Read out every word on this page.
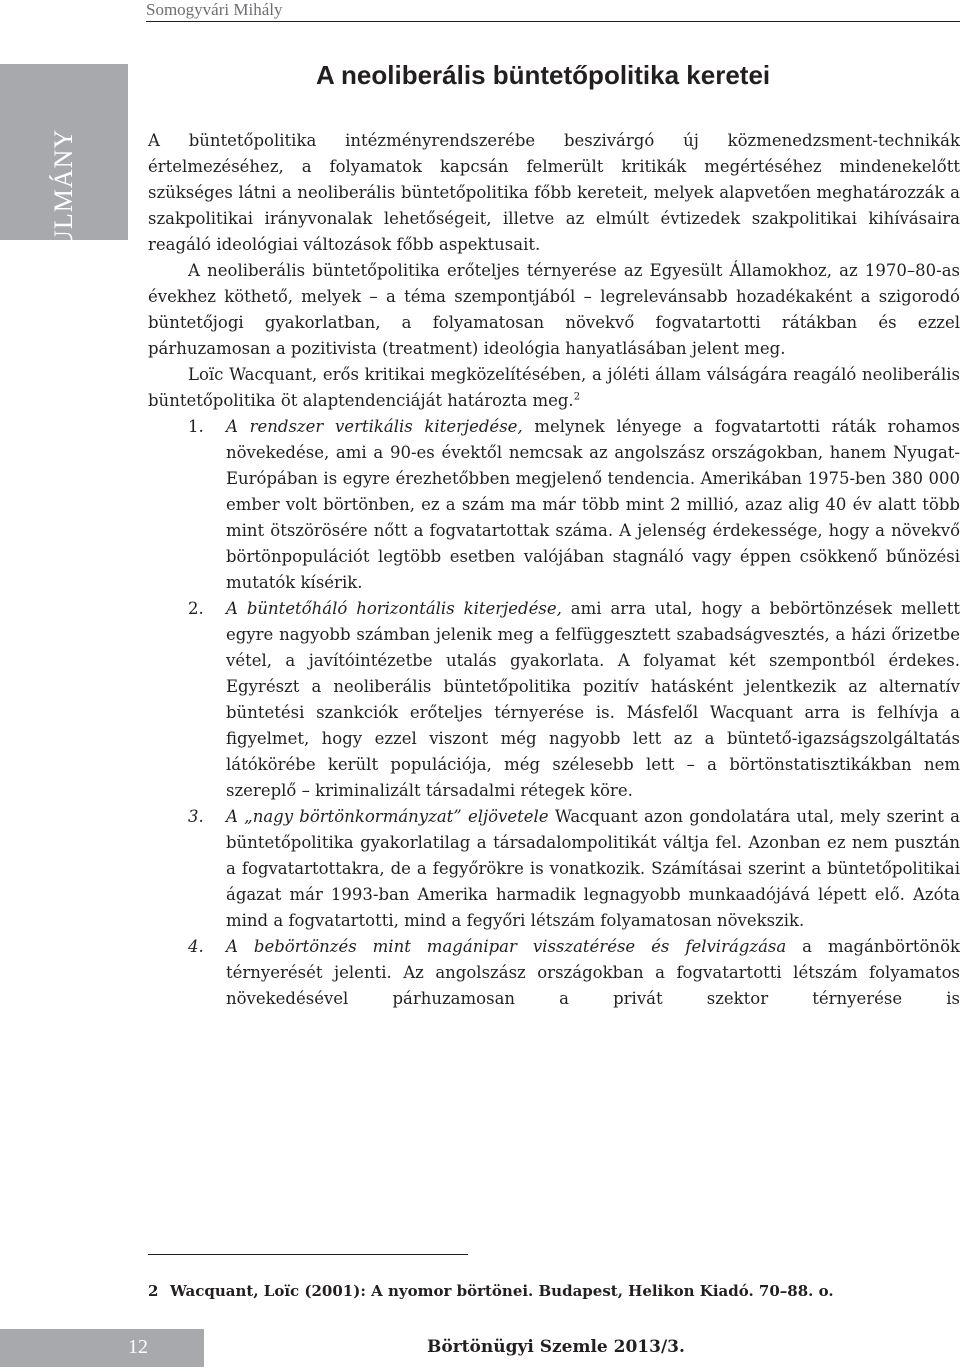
Somogyvári Mihály
TANULMÁNY
A neoliberális büntetőpolitika keretei

A büntetőpolitika intézményrendszerébe beszivárgó új közmenedzsment-technikák értelmezéséhez, a folyamatok kapcsán felmerült kritikák megértéséhez mindenekelőtt szükséges látni a neoliberális büntetőpolitika főbb kereteit, melyek alapvetően meghatározzák a szakpolitikai irányvonalak lehetőségeit, illetve az elmúlt évtizedek szakpolitikai kihívásaira reagáló ideológiai változások főbb aspektusait.

A neoliberális büntetőpolitika erőteljes térnyerése az Egyesült Államokhoz, az 1970–80-as évekhez köthető, melyek – a téma szempontjából – legrelevánsabb hozadékaként a szigorodó büntetőjogi gyakorlatban, a folyamatosan növekvő fogvatartotti rátákban és ezzel párhuzamosan a pozitivista (treatment) ideológia hanyatlásában jelent meg.

Loïc Wacquant, erős kritikai megközelítésében, a jóléti állam válságára reagáló neoliberális büntetőpolitika öt alaptendenciáját határozta meg.$^2$

1.	A rendszer vertikális kiterjedése, melynek lényege a fogvatartotti ráták rohamos növekedése, ami a 90-es évektől nemcsak az angolszász országokban, hanem Nyugat-Európában is egyre érezhetőbben megjelenő tendencia. Amerikában 1975-ben 380 000 ember volt börtönben, ez a szám ma már több mint 2 millió, azaz alig 40 év alatt több mint ötszörösére nőtt a fogvatartottak száma. A jelenség érdekessége, hogy a növekvő börtönpopulációt legtöbb esetben valójában stagnáló vagy éppen csökkenő bűnözési mutatók kísérik.
2.	A büntetőháló horizontális kiterjedése, ami arra utal, hogy a bebörtönzések mellett egyre nagyobb számban jelenik meg a felfüggesztett szabadságvesztés, a házi őrizetbe vétel, a javítóintézetbe utalás gyakorlata. A folyamat két szempontból érdekes. Egyrészt a neoliberális büntetőpolitika pozitív hatásként jelentkezik az alternatív büntetési szankciók erőteljes térnyerése is. Másfelől Wacquant arra is felhívja a figyelmet, hogy ezzel viszont még nagyobb lett az a büntető-igazságszolgáltatás látókörébe került populációja, még szélesebb lett – a börtönstatisztikákban nem szereplő – kriminalizált társadalmi rétegek köre.
3.	A „nagy börtönkormányzat” eljövetele Wacquant azon gondolatára utal, mely szerint a büntetőpolitika gyakorlatilag a társadalompolitikát váltja fel. Azonban ez nem pusztán a fogvatartottakra, de a fegyőrökre is vonatkozik. Számításai szerint a büntetőpolitikai ágazat már 1993-ban Amerika harmadik legnagyobb munkaadójává lépett elő. Azóta mind a fogvatartotti, mind a fegyőri létszám folyamatosan növekszik.
4.	A bebörtönzés mint magánipar visszatérése és felvirágzása a magánbörtönök térnyerését jelenti. Az angolszász országokban a fogvatartotti létszám folyamatos növekedésével párhuzamosan a privát szektor térnyerése is
2 Wacquant, Loïc (2001): A nyomor börtönei. Budapest, Helikon Kiadó. 70–88. o.
12	Börtönügyi Szemle 2013/3.
